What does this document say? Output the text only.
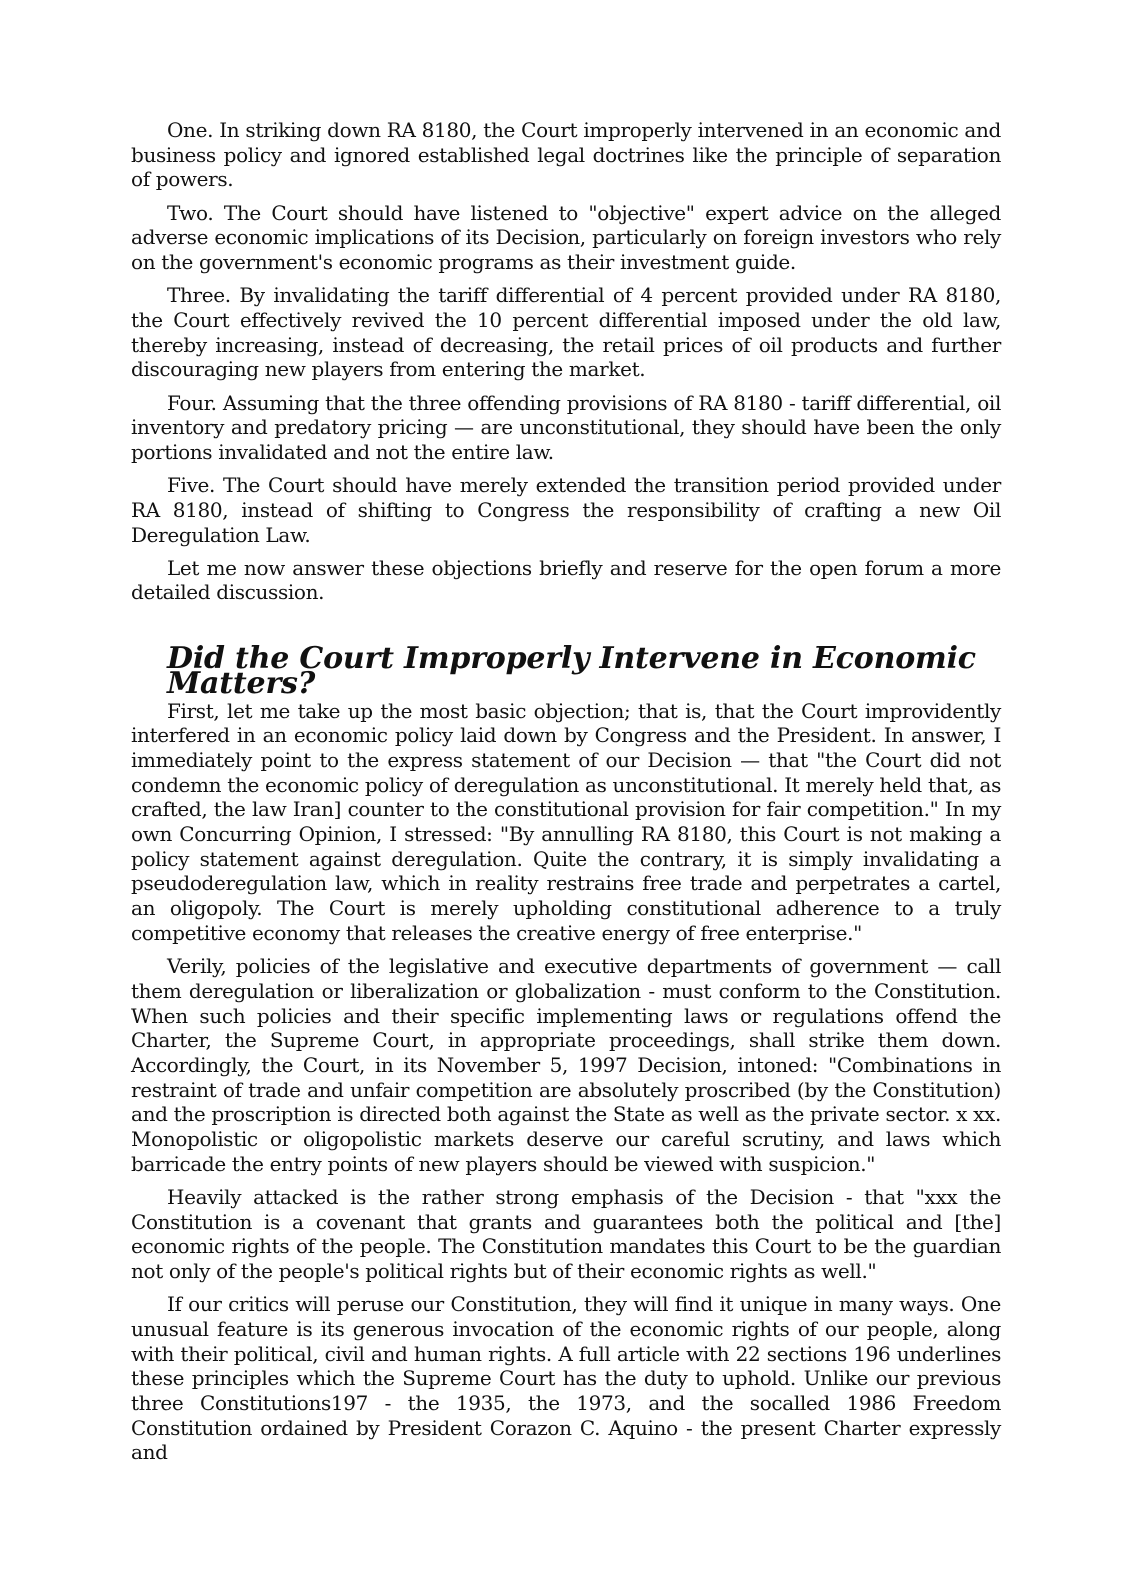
One. In striking down RA 8180, the Court improperly intervened in an economic and business policy and ignored established legal doctrines like the principle of separation of powers.

Two. The Court should have listened to "objective" expert advice on the alleged adverse economic implications of its Decision, particularly on foreign investors who rely on the government's economic programs as their investment guide.

Three. By invalidating the tariff differential of 4 percent provided under RA 8180, the Court effectively revived the 10 percent differential imposed under the old law, thereby increasing, instead of decreasing, the retail prices of oil products and further discouraging new players from entering the market.

Four. Assuming that the three offending provisions of RA 8180 - tariff differential, oil inventory and predatory pricing — are unconstitutional, they should have been the only portions invalidated and not the entire law.

Five. The Court should have merely extended the transition period provided under RA 8180, instead of shifting to Congress the responsibility of crafting a new Oil Deregulation Law.

Let me now answer these objections briefly and reserve for the open forum a more detailed discussion.

Did the Court Improperly Intervene in Economic Matters?

First, let me take up the most basic objection; that is, that the Court improvidently interfered in an economic policy laid down by Congress and the President. In answer, I immediately point to the express statement of our Decision — that "the Court did not condemn the economic policy of deregulation as unconstitutional. It merely held that, as crafted, the law Iran] counter to the constitutional provision for fair competition." In my own Concurring Opinion, I stressed: "By annulling RA 8180, this Court is not making a policy statement against deregulation. Quite the contrary, it is simply invalidating a pseudoderegulation law, which in reality restrains free trade and perpetrates a cartel, an oligopoly. The Court is merely upholding constitutional adherence to a truly competitive economy that releases the creative energy of free enterprise."

Verily, policies of the legislative and executive departments of government — call them deregulation or liberalization or globalization - must conform to the Constitution. When such policies and their specific implementing laws or regulations offend the Charter, the Supreme Court, in appropriate proceedings, shall strike them down. Accordingly, the Court, in its November 5, 1997 Decision, intoned: "Combinations in restraint of trade and unfair competition are absolutely proscribed (by the Constitution) and the proscription is directed both against the State as well as the private sector. x xx. Monopolistic or oligopolistic markets deserve our careful scrutiny, and laws which barricade the entry points of new players should be viewed with suspicion."

Heavily attacked is the rather strong emphasis of the Decision - that "xxx the Constitution is a covenant that grants and guarantees both the political and [the] economic rights of the people. The Constitution mandates this Court to be the guardian not only of the people's political rights but of their economic rights as well."

If our critics will peruse our Constitution, they will find it unique in many ways. One unusual feature is its generous invocation of the economic rights of our people, along with their political, civil and human rights. A full article with 22 sections 196 underlines these principles which the Supreme Court has the duty to uphold. Unlike our previous three Constitutions197 - the 1935, the 1973, and the socalled 1986 Freedom Constitution ordained by President Corazon C. Aquino - the present Charter expressly and
